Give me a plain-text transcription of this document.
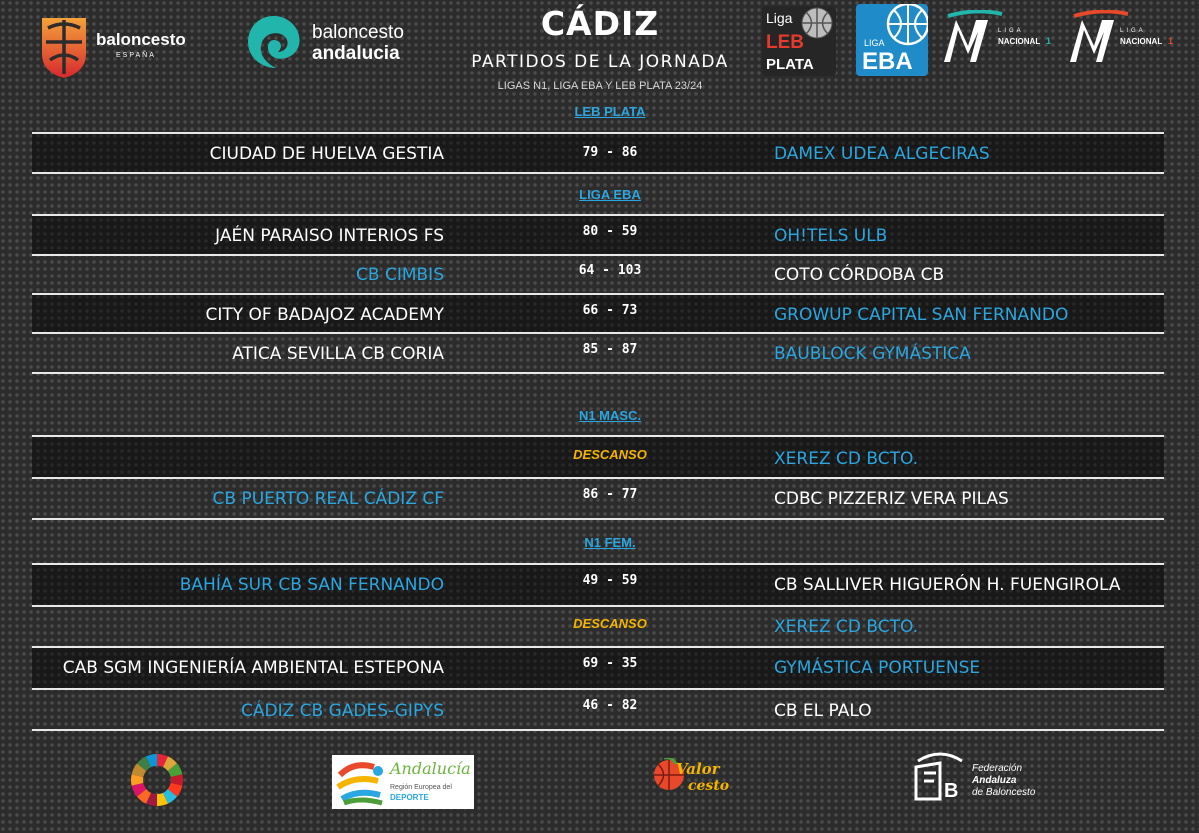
baloncesto
ESPAÑA
baloncesto
andalucia
CÁDIZ
PARTIDOS DE LA JORNADA
LIGAS N1, LIGA EBA Y LEB PLATA 23/24
Liga
LEB
PLATA
LIGA
EBA
LIGA
NACIONAL 1
LIGA
NACIONAL 1
LEB PLATA
CIUDAD DE HUELVA GESTIA	79 - 86	DAMEX UDEA ALGECIRAS
LIGA EBA
JAÉN PARAISO INTERIOS FS	80 - 59	OH!TELS ULB
CB CIMBIS	64 - 103	COTO CÓRDOBA CB
CITY OF BADAJOZ ACADEMY	66 - 73	GROWUP CAPITAL SAN FERNANDO
ATICA SEVILLA CB CORIA	85 - 87	BAUBLOCK GYMÁSTICA
N1 MASC.
DESCANSO	XEREZ CD BCTO.
CB PUERTO REAL CÁDIZ CF	86 - 77	CDBC PIZZERIZ VERA PILAS
N1 FEM.
BAHÍA SUR CB SAN FERNANDO	49 - 59	CB SALLIVER HIGUERÓN H. FUENGIROLA
DESCANSO	XEREZ CD BCTO.
CAB SGM INGENIERÍA AMBIENTAL ESTEPONA	69 - 35	GYMÁSTICA PORTUENSE
CÁDIZ CB GADES-GIPYS	46 - 82	CB EL PALO
Andalucía
Región Europea del
DEPORTE
Valor
cesto	B
Federación
Andaluza
de Baloncesto
